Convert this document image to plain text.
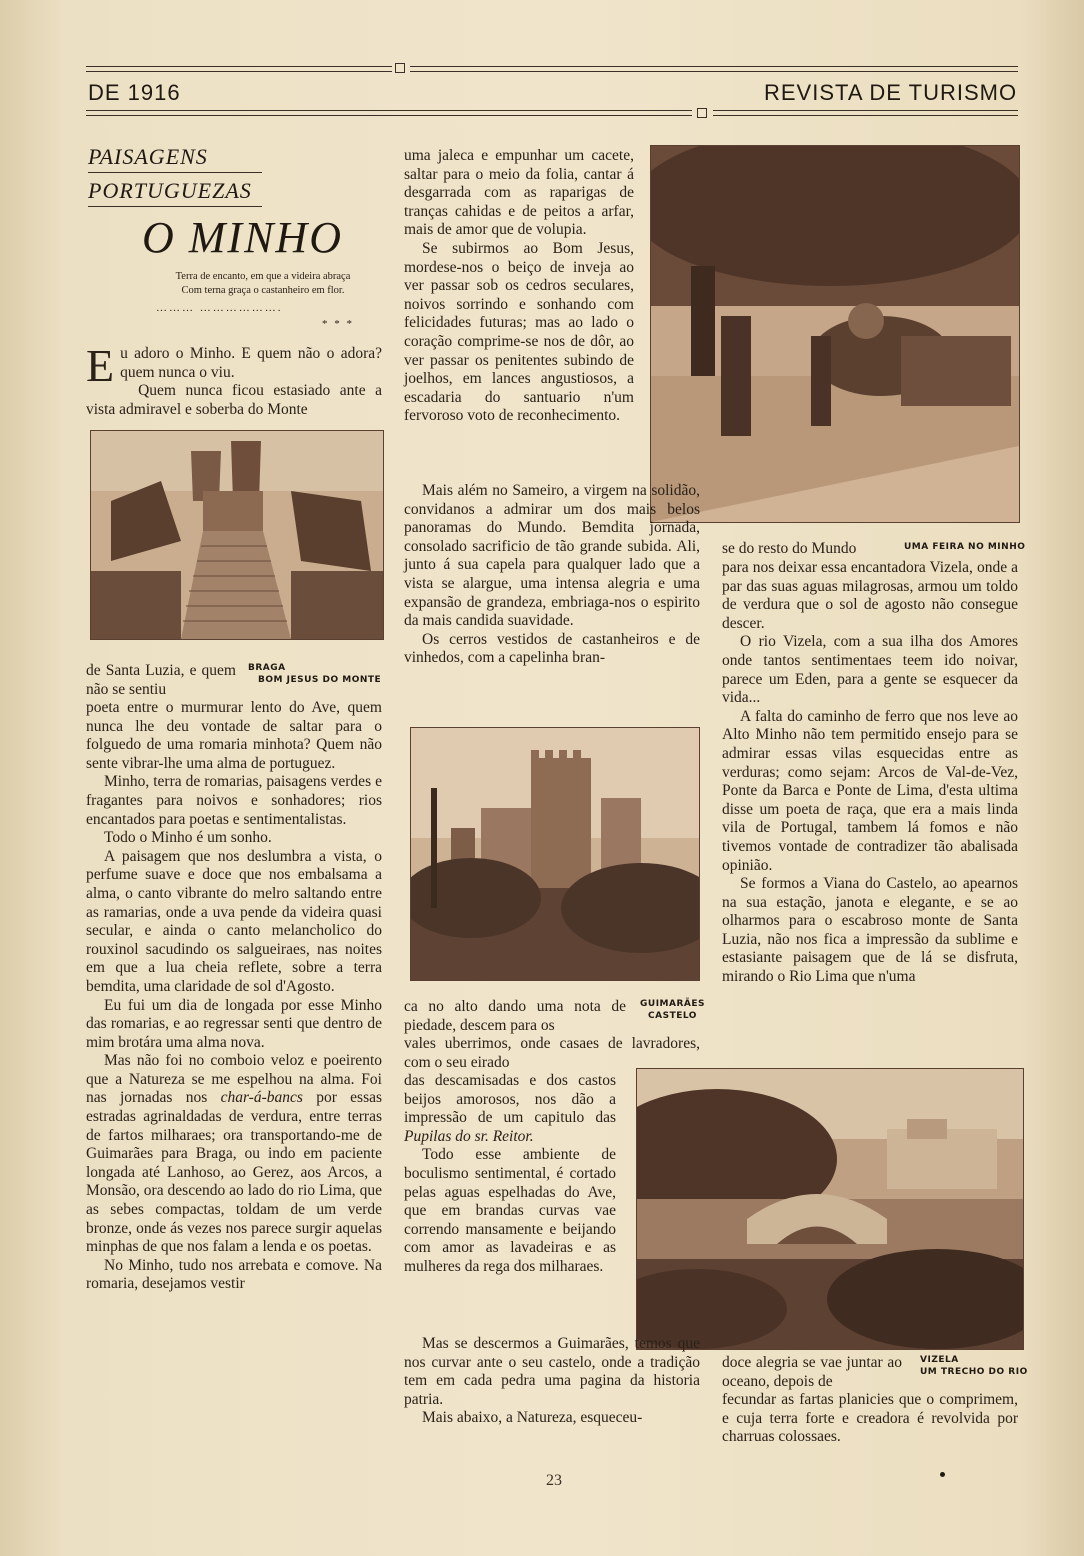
DE 1916	REVISTA DE TURISMO
PAISAGENS
PORTUGUEZAS
O MINHO
Terra de encanto, em que a videira abraça
Com terna graça o castanheiro em flor.
……… ……………….
* * *

Eu adoro o Minho. E quem não o adora? quem nunca o viu.

Quem nunca ficou estasiado ante a vista admiravel e soberba do Monte

de Santa Luzia, e quem não se sentiu

BRAGA
BOM JESUS DO MONTE

poeta entre o murmurar lento do Ave, quem nunca lhe deu vontade de saltar para o folguedo de uma romaria minhota? Quem não sente vibrar-lhe uma alma de portuguez.

Minho, terra de romarias, paisagens verdes e fragantes para noivos e sonhadores; rios encantados para poetas e sentimentalistas.

Todo o Minho é um sonho.

A paisagem que nos deslumbra a vista, o perfume suave e doce que nos embalsama a alma, o canto vibrante do melro saltando entre as ramarias, onde a uva pende da videira quasi secular, e ainda o canto melancholico do rouxinol sacudindo os salgueiraes, nas noites em que a lua cheia reflete, sobre a terra bemdita, uma claridade de sol d'Agosto.

Eu fui um dia de longada por esse Minho das romarias, e ao regressar senti que dentro de mim brotára uma alma nova.

Mas não foi no comboio veloz e poeirento que a Natureza se me espelhou na alma. Foi nas jornadas nos char-á-bancs por essas estradas agrinaldadas de verdura, entre terras de fartos milharaes; ora transportando-me de Guimarães para Braga, ou indo em paciente longada até Lanhoso, ao Gerez, aos Arcos, a Monsão, ora descendo ao lado do rio Lima, que as sebes compactas, toldam de um verde bronze, onde ás vezes nos parece surgir aquelas minphas de que nos falam a lenda e os poetas.

No Minho, tudo nos arrebata e comove. Na romaria, desejamos vestir

uma jaleca e empunhar um cacete, saltar para o meio da folia, cantar á desgarrada com as raparigas de tranças cahidas e de peitos a arfar, mais de amor que de volupia.

Se subirmos ao Bom Jesus, mordese-nos o beiço de inveja ao ver passar sob os cedros seculares, noivos sorrindo e sonhando com felicidades futuras; mas ao lado o coração comprime-se nos de dôr, ao ver passar os penitentes subindo de joelhos, em lances angustiosos, a escadaria do santuario n'um fervoroso voto de reconhecimento.

Mais além no Sameiro, a virgem na solidão, convidanos a admirar um dos mais belos panoramas do Mundo. Bemdita jornada, consolado sacrificio de tão grande subida. Ali, junto á sua capela para qualquer lado que a vista se alargue, uma intensa alegria e uma expansão de grandeza, embriaga-nos o espirito da mais candida suavidade.

Os cerros vestidos de castanheiros e de vinhedos, com a capelinha bran-

ca no alto dando uma nota de piedade, descem para os

GUIMARÃES
CASTELO

vales uberrimos, onde casaes de lavradores, com o seu eirado

das descamisadas e dos castos beijos amorosos, nos dão a impressão de um capitulo das Pupilas do sr. Reitor.

Todo esse ambiente de boculismo sentimental, é cortado pelas aguas espelhadas do Ave, que em brandas curvas vae correndo mansamente e beijando com amor as lavadeiras e as mulheres da rega dos milharaes.

Mas se descermos a Guimarães, temos que nos curvar ante o seu castelo, onde a tradição tem em cada pedra uma pagina da historia patria.

Mais abaixo, a Natureza, esqueceu-

se do resto do Mundo	UMA FEIRA NO MINHO

para nos deixar essa encantadora Vizela, onde a par das suas aguas milagrosas, armou um toldo de verdura que o sol de agosto não consegue descer.

O rio Vizela, com a sua ilha dos Amores onde tantos sentimentaes teem ido noivar, parece um Eden, para a gente se esquecer da vida...

A falta do caminho de ferro que nos leve ao Alto Minho não tem permitido ensejo para se admirar essas vilas esquecidas entre as verduras; como sejam: Arcos de Val-de-Vez, Ponte da Barca e Ponte de Lima, d'esta ultima disse um poeta de raça, que era a mais linda vila de Portugal, tambem lá fomos e não tivemos vontade de contradizer tão abalisada opinião.

Se formos a Viana do Castelo, ao apearnos na sua estação, janota e elegante, e se ao olharmos para o escabroso monte de Santa Luzia, não nos fica a impressão da sublime e estasiante paisagem que de lá se disfruta, mirando o Rio Lima que n'uma

doce alegria se vae juntar ao oceano, depois de

VIZELA
UM TRECHO DO RIO

fecundar as fartas planicies que o comprimem, e cuja terra forte e creadora é revolvida por charruas colossaes.

23
